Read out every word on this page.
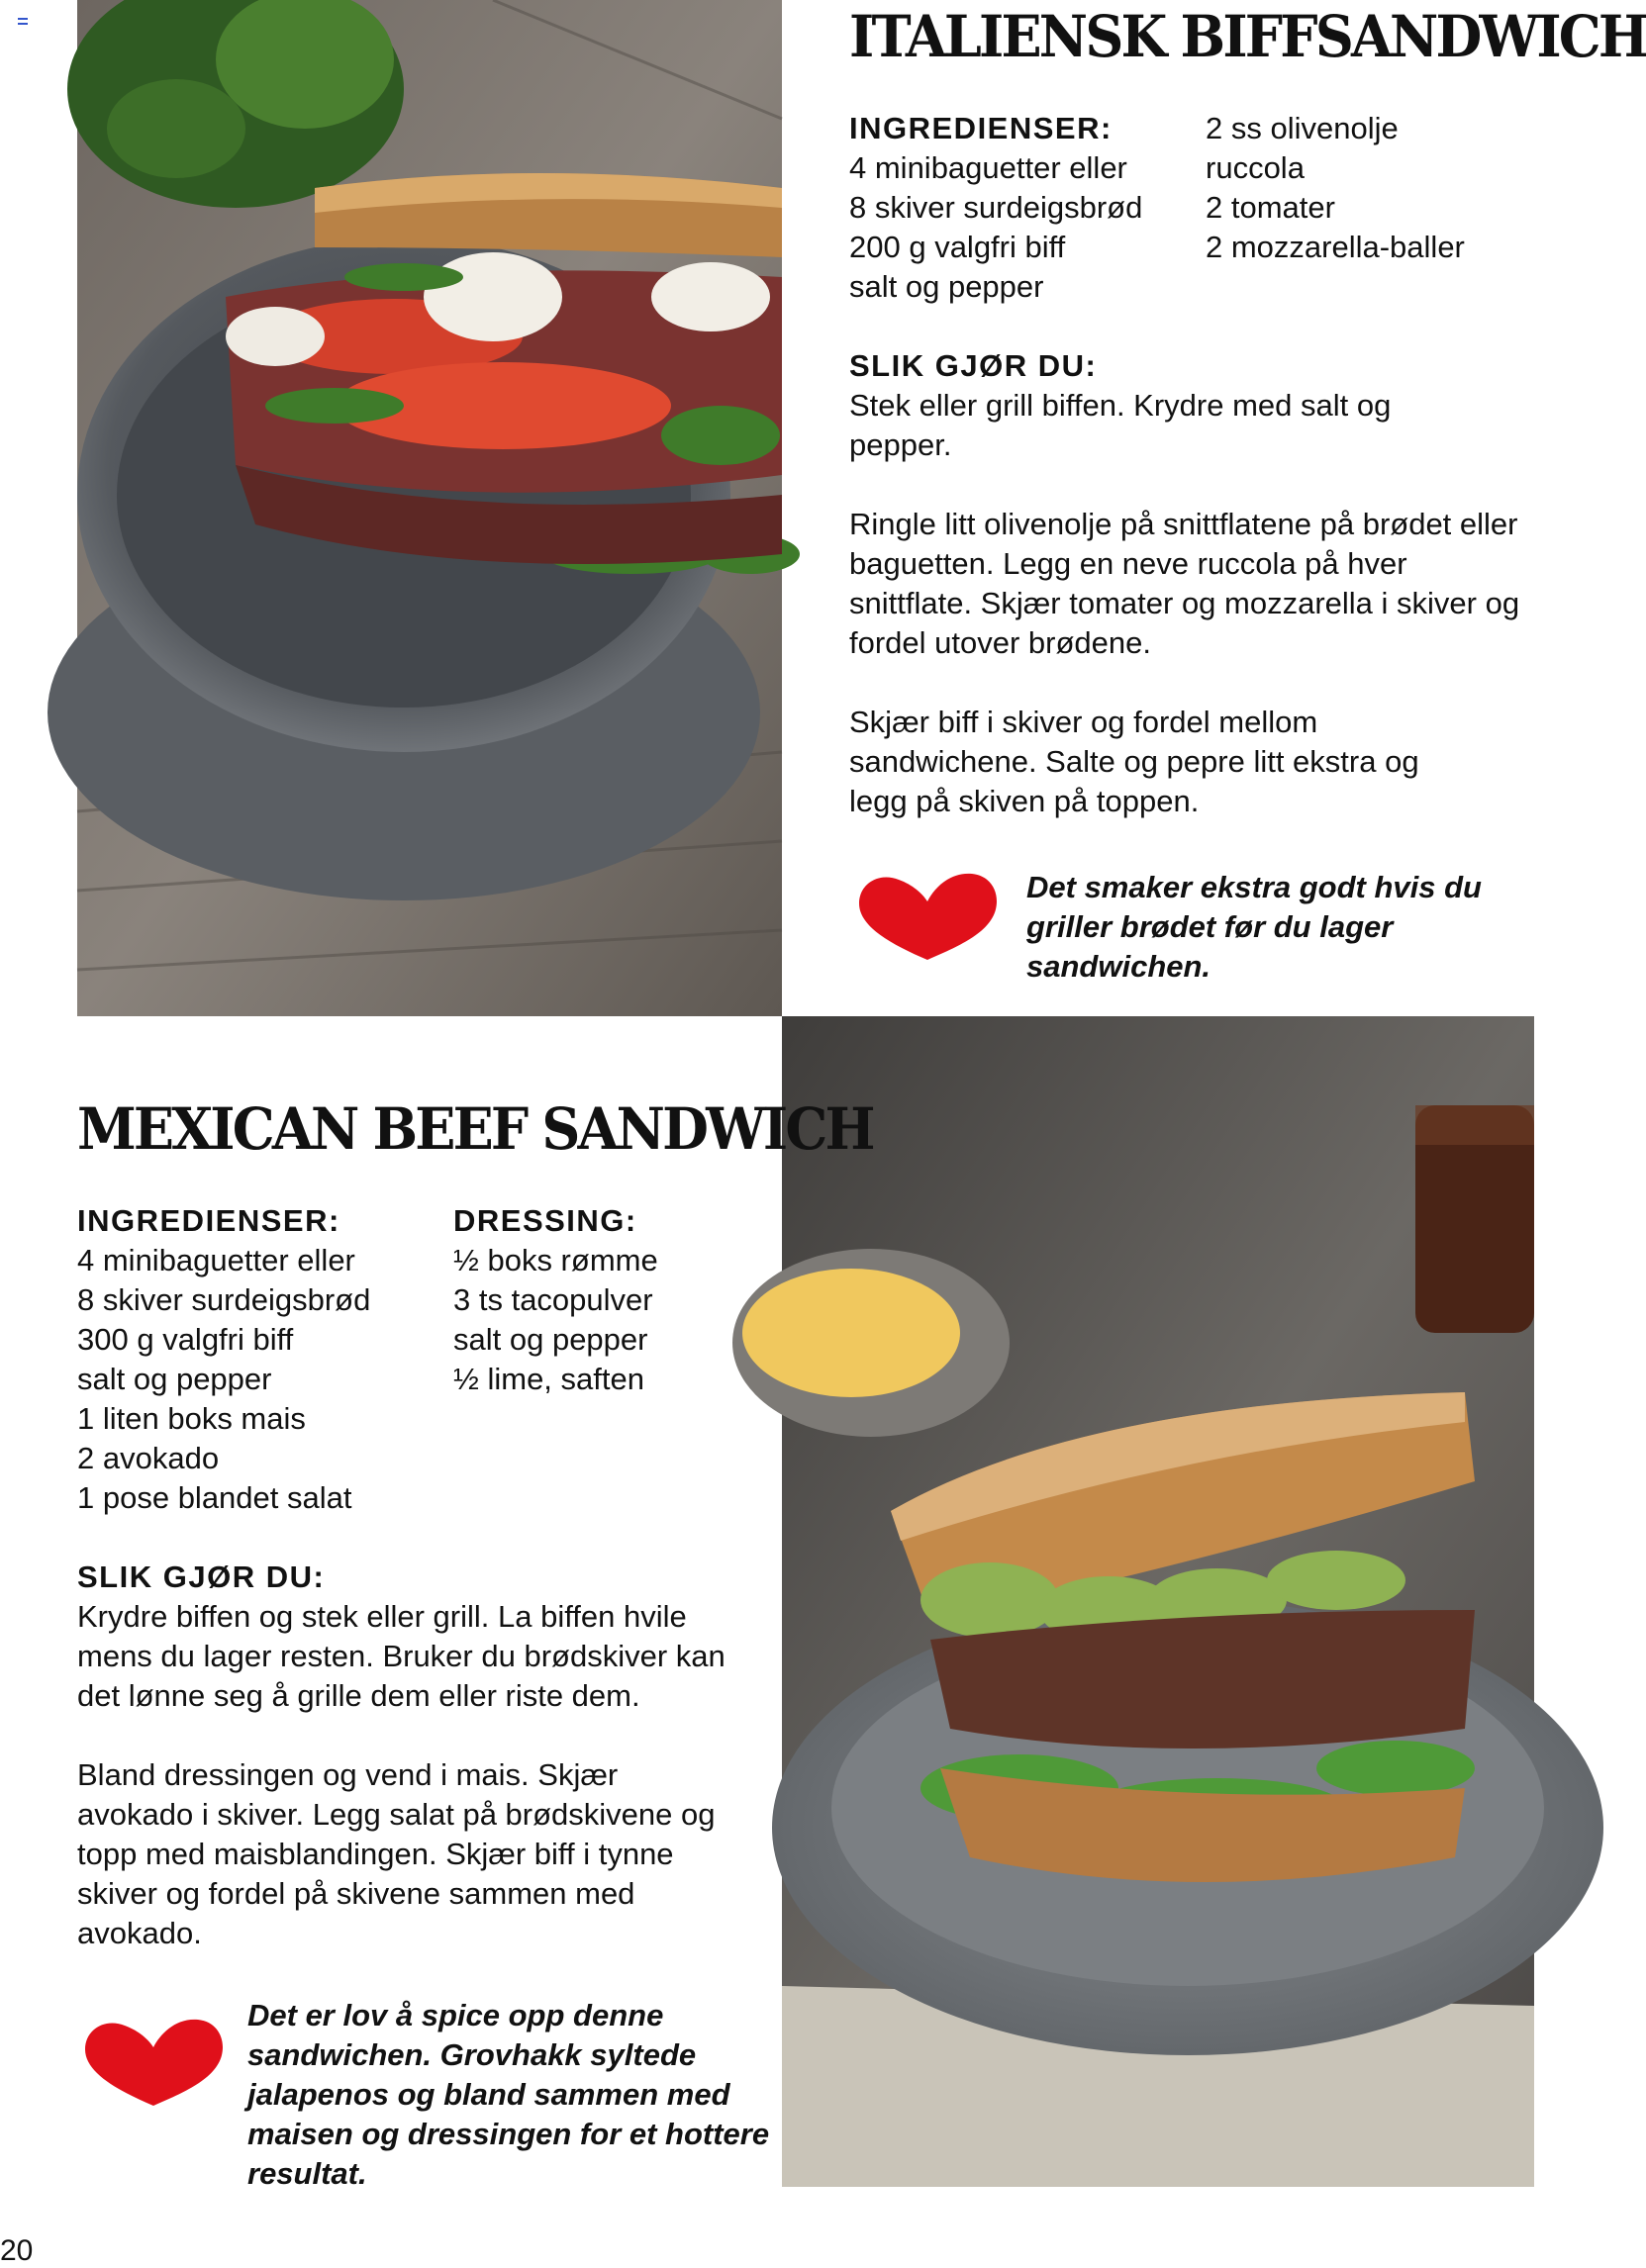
ITALIENSK BIFFSANDWICH

INGREDIENSER:

4 minibaguetter eller
8 skiver surdeigsbrød
200 g valgfri biff
salt og pepper
2 ss olivenolje
ruccola
2 tomater
2 mozzarella-baller

SLIK GJØR DU:

Stek eller grill biffen. Krydre med salt og pepper.

Ringle litt olivenolje på snittflatene på brødet eller baguetten. Legg en neve ruccola på hver snittflate. Skjær tomater og mozzarella i skiver og fordel utover brødene.

Skjær biff i skiver og fordel mellom sandwichene. Salte og pepre litt ekstra og legg på skiven på toppen.

Det smaker ekstra godt hvis du griller brødet før du lager sandwichen.

MEXICAN BEEF SANDWICH

INGREDIENSER:

4 minibaguetter eller
8 skiver surdeigsbrød
300 g valgfri biff
salt og pepper
1 liten boks mais
2 avokado
1 pose blandet salat

DRESSING:

½ boks rømme
3 ts tacopulver
salt og pepper
½ lime, saften

SLIK GJØR DU:

Krydre biffen og stek eller grill. La biffen hvile mens du lager resten. Bruker du brødskiver kan det lønne seg å grille dem eller riste dem.

Bland dressingen og vend i mais. Skjær avokado i skiver. Legg salat på brødskivene og topp med maisblandingen. Skjær biff i tynne skiver og fordel på skivene sammen med avokado.

Det er lov å spice opp denne sandwichen. Grovhakk syltede jalapenos og bland sammen med maisen og dressingen for et hottere resultat.

20
